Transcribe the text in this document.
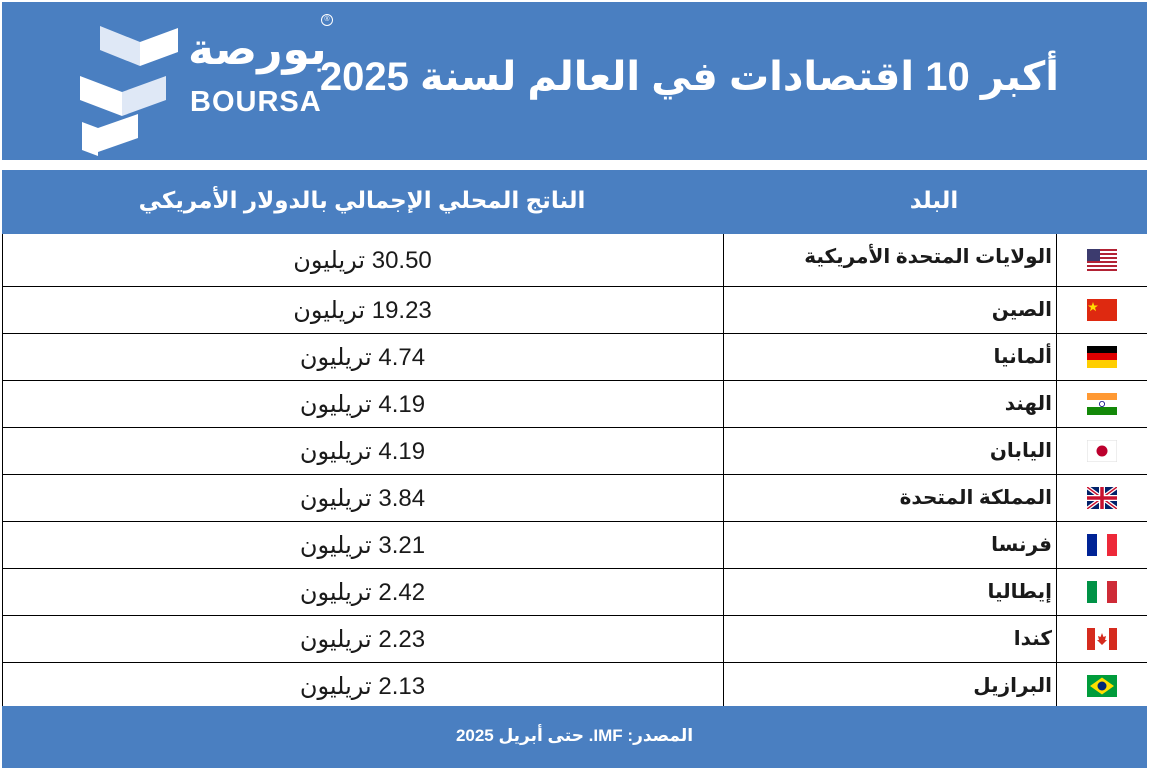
بورصة
BOURSA
®
أكبر 10 اقتصادات في العالم لسنة 2025
الناتج المحلي الإجمالي بالدولار الأمريكي	البلد
30.50 تريليون	الولايات المتحدة الأمريكية
19.23 تريليون	الصين
4.74 تريليون	ألمانيا
4.19 تريليون	الهند
4.19 تريليون	اليابان
3.84 تريليون	المملكة المتحدة
3.21 تريليون	فرنسا
2.42 تريليون	إيطاليا
2.23 تريليون	كندا
2.13 تريليون	البرازيل
المصدر: IMF. حتى أبريل 2025
